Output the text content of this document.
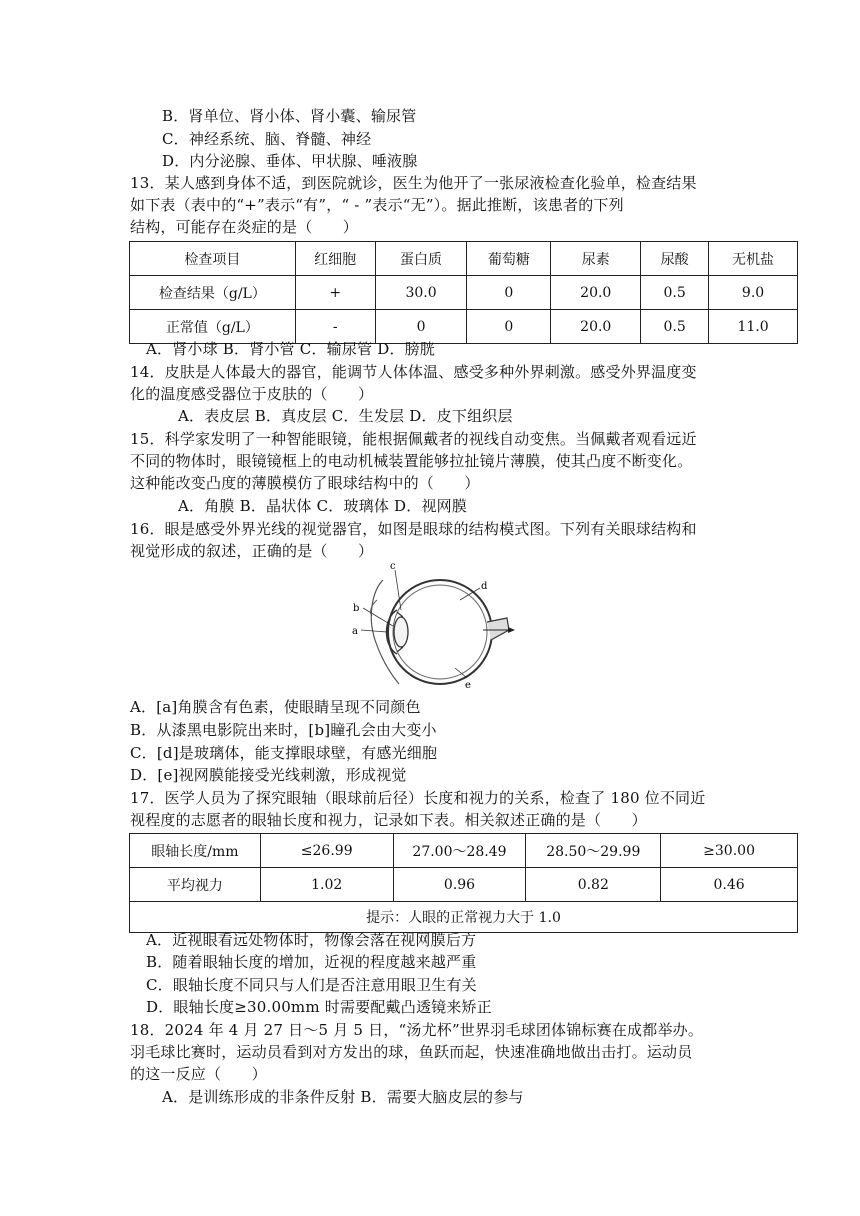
B．肾单位、肾小体、肾小囊、输尿管
C．神经系统、脑、脊髓、神经
D．内分泌腺、垂体、甲状腺、唾液腺
13．某人感到身体不适，到医院就诊，医生为他开了一张尿液检查化验单，检查结果
如下表（表中的“+”表示“有”，“ - ”表示“无”）。据此推断，该患者的下列
结构，可能存在炎症的是（　　）
检查项目	红细胞	蛋白质	葡萄糖	尿素	尿酸	无机盐
检查结果（g/L）	+	30.0	0	20.0	0.5	9.0
正常值（g/L）	-	0	0	20.0	0.5	11.0
A．肾小球 B．肾小管 C．输尿管 D．膀胱
14．皮肤是人体最大的器官，能调节人体体温、感受多种外界刺激。感受外界温度变
化的温度感受器位于皮肤的（　　）
A．表皮层 B．真皮层 C．生发层 D．皮下组织层
15．科学家发明了一种智能眼镜，能根据佩戴者的视线自动变焦。当佩戴者观看远近
不同的物体时，眼镜镜框上的电动机械装置能够拉扯镜片薄膜，使其凸度不断变化。
这种能改变凸度的薄膜模仿了眼球结构中的（　　）
A．角膜 B．晶状体 C．玻璃体 D．视网膜
16．眼是感受外界光线的视觉器官，如图是眼球的结构模式图。下列有关眼球结构和
视觉形成的叙述，正确的是（　　）
c
d
b
a
e
A．[a]角膜含有色素，使眼睛呈现不同颜色
B．从漆黑电影院出来时，[b]瞳孔会由大变小
C．[d]是玻璃体，能支撑眼球壁，有感光细胞
D．[e]视网膜能接受光线刺激，形成视觉
17．医学人员为了探究眼轴（眼球前后径）长度和视力的关系，检查了 180 位不同近
视程度的志愿者的眼轴长度和视力，记录如下表。相关叙述正确的是（　　）
眼轴长度/mm	≤26.99	27.00～28.49	28.50～29.99	≥30.00
平均视力	1.02	0.96	0.82	0.46
提示：人眼的正常视力大于 1.0				
A．近视眼看远处物体时，物像会落在视网膜后方
B．随着眼轴长度的增加，近视的程度越来越严重
C．眼轴长度不同只与人们是否注意用眼卫生有关
D．眼轴长度≥30.00mm 时需要配戴凸透镜来矫正
18．2024 年 4 月 27 日～5 月 5 日，“汤尤杯”世界羽毛球团体锦标赛在成都举办。
羽毛球比赛时，运动员看到对方发出的球，鱼跃而起，快速准确地做出击打。运动员
的这一反应（　　）
A．是训练形成的非条件反射 B．需要大脑皮层的参与
